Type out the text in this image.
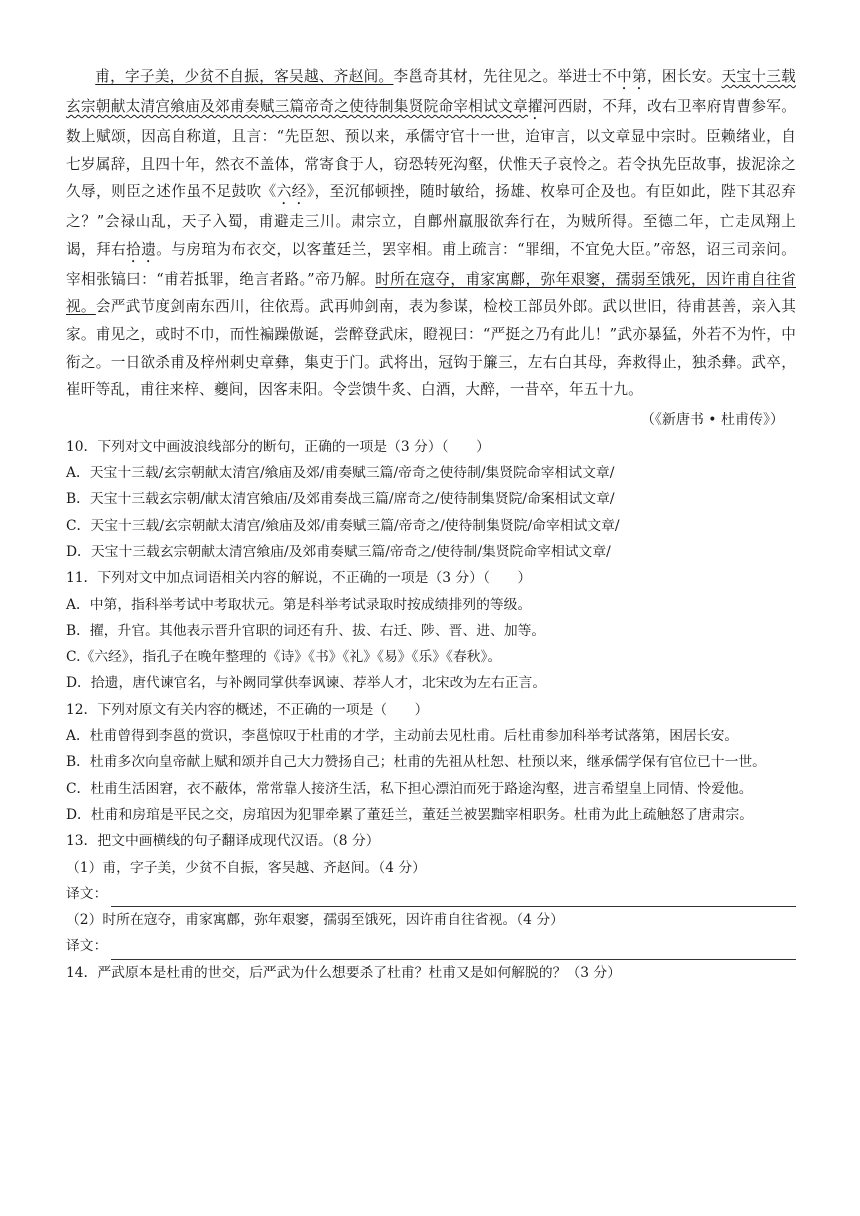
甫，字子美，少贫不自振，客吴越、齐赵间。李邕奇其材，先往见之。举进士不中第，困长安。天宝十三载玄宗朝献太清宫飨庙及郊甫奏赋三篇帝奇之使待制集贤院命宰相试文章擢河西尉，不拜，改右卫率府胄曹参军。数上赋颂，因高自称道，且言：“先臣恕、预以来，承儒守官十一世，迨审言，以文章显中宗时。臣赖绪业，自七岁属辞，且四十年，然衣不盖体，常寄食于人，窃恐转死沟壑，伏惟天子哀怜之。若令执先臣故事，拔泥涂之久辱，则臣之述作虽不足鼓吹《六经》，至沉郁顿挫，随时敏给，扬雄、枚皋可企及也。有臣如此，陛下其忍弃之？”会禄山乱，天子入蜀，甫避走三川。肃宗立，自鄜州羸服欲奔行在，为贼所得。至德二年，亡走凤翔上谒，拜右拾遗。与房琯为布衣交，以客董廷兰，罢宰相。甫上疏言：“罪细，不宜免大臣。”帝怒，诏三司亲问。宰相张镐曰：“甫若抵罪，绝言者路。”帝乃解。时所在寇夺，甫家寓鄜，弥年艰窭，孺弱至饿死，因许甫自往省视。会严武节度剑南东西川，往依焉。武再帅剑南，表为参谋，检校工部员外郎。武以世旧，待甫甚善，亲入其家。甫见之，或时不巾，而性褊躁傲诞，尝醉登武床，瞪视曰：“严挺之乃有此儿！”武亦暴猛，外若不为忤，中衔之。一日欲杀甫及梓州刺史章彝，集吏于门。武将出，冠钩于簾三，左右白其母，奔救得止，独杀彝。武卒，崔旰等乱，甫往来梓、夔间，因客耒阳。令尝馈牛炙、白酒，大醉，一昔卒，年五十九。

（《新唐书 • 杜甫传》）

10．下列对文中画波浪线部分的断句，正确的一项是（3 分）（　　）

A．天宝十三载/玄宗朝献太清宫/飨庙及郊/甫奏赋三篇/帝奇之使待制/集贤院命宰相试文章/

B．天宝十三载玄宗朝/献太清宫飨庙/及郊甫奏战三篇/席奇之/使待制集贤院/命案相试文章/

C．天宝十三载/玄宗朝献太清宫/飨庙及郊/甫奏赋三篇/帝奇之/使待制集贤院/命宰相试文章/

D．天宝十三载玄宗朝献太清宫飨庙/及郊甫奏赋三篇/帝奇之/使待制/集贤院命宰相试文章/

11．下列对文中加点词语相关内容的解说，不正确的一项是（3 分）（　　）

A．中第，指科举考试中考取状元。第是科举考试录取时按成绩排列的等级。

B．擢，升官。其他表示晋升官职的词还有升、拔、右迁、陟、晋、进、加等。

C.《六经》，指孔子在晚年整理的《诗》《书》《礼》《易》《乐》《春秋》。

D．拾遗，唐代谏官名，与补阙同掌供奉讽谏、荐举人才，北宋改为左右正言。

12．下列对原文有关内容的概述，不正确的一项是（　　）

A．杜甫曾得到李邕的赏识，李邕惊叹于杜甫的才学，主动前去见杜甫。后杜甫参加科举考试落第，困居长安。

B．杜甫多次向皇帝献上赋和颂并自己大力赞扬自己；杜甫的先祖从杜恕、杜预以来，继承儒学保有官位已十一世。

C．杜甫生活困窘，衣不蔽体，常常靠人接济生活，私下担心漂泊而死于路途沟壑，进言希望皇上同情、怜爱他。

D．杜甫和房琯是平民之交，房琯因为犯罪牵累了董廷兰，董廷兰被罢黜宰相职务。杜甫为此上疏触怒了唐肃宗。

13．把文中画横线的句子翻译成现代汉语。（8 分）

（1）甫，字子美，少贫不自振，客吴越、齐赵间。（4 分）

译文：

（2）时所在寇夺，甫家寓鄜，弥年艰窭，孺弱至饿死，因许甫自往省视。（4 分）

译文：

14．严武原本是杜甫的世交，后严武为什么想要杀了杜甫？杜甫又是如何解脱的？（3 分）
